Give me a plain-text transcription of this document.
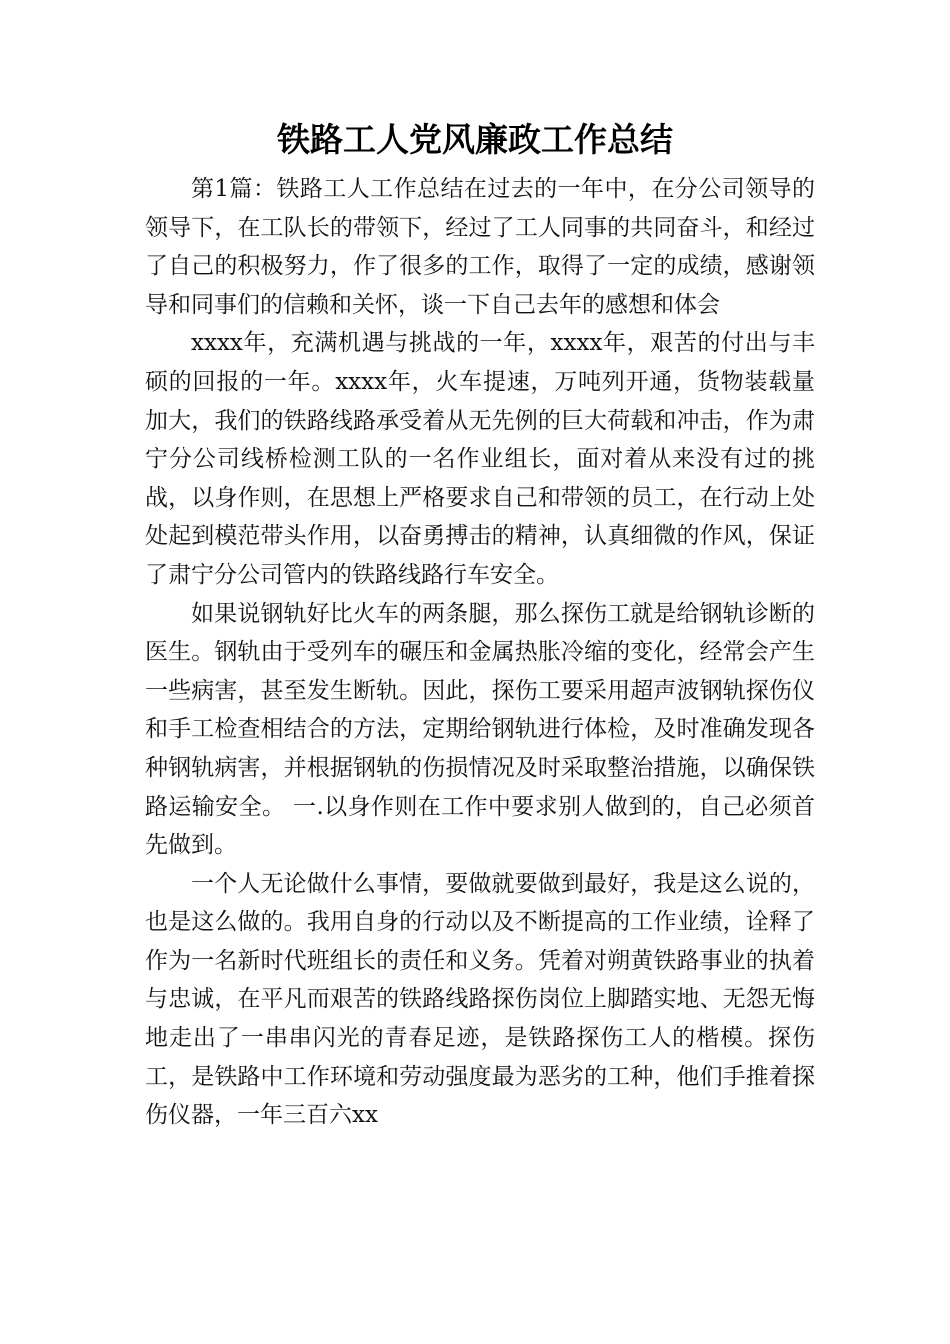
铁路工人党风廉政工作总结

第1篇：铁路工人工作总结在过去的一年中，在分公司领导的领导下，在工队长的带领下，经过了工人同事的共同奋斗，和经过了自己的积极努力，作了很多的工作，取得了一定的成绩，感谢领导和同事们的信赖和关怀，谈一下自己去年的感想和体会

xxxx年，充满机遇与挑战的一年，xxxx年，艰苦的付出与丰硕的回报的一年。xxxx年，火车提速，万吨列开通，货物装载量加大，我们的铁路线路承受着从无先例的巨大荷载和冲击，作为肃宁分公司线桥检测工队的一名作业组长，面对着从来没有过的挑战，以身作则，在思想上严格要求自己和带领的员工，在行动上处处起到模范带头作用，以奋勇搏击的精神，认真细微的作风，保证了肃宁分公司管内的铁路线路行车安全。

如果说钢轨好比火车的两条腿，那么探伤工就是给钢轨诊断的医生。钢轨由于受列车的碾压和金属热胀冷缩的变化，经常会产生一些病害，甚至发生断轨。因此，探伤工要采用超声波钢轨探伤仪和手工检查相结合的方法，定期给钢轨进行体检，及时准确发现各种钢轨病害，并根据钢轨的伤损情况及时采取整治措施，以确保铁路运输安全。 一.以身作则在工作中要求别人做到的，自己必须首先做到。

一个人无论做什么事情，要做就要做到最好，我是这么说的，也是这么做的。我用自身的行动以及不断提高的工作业绩，诠释了作为一名新时代班组长的责任和义务。凭着对朔黄铁路事业的执着与忠诚，在平凡而艰苦的铁路线路探伤岗位上脚踏实地、无怨无悔地走出了一串串闪光的青春足迹，是铁路探伤工人的楷模。探伤工，是铁路中工作环境和劳动强度最为恶劣的工种，他们手推着探伤仪器，一年三百六xx
